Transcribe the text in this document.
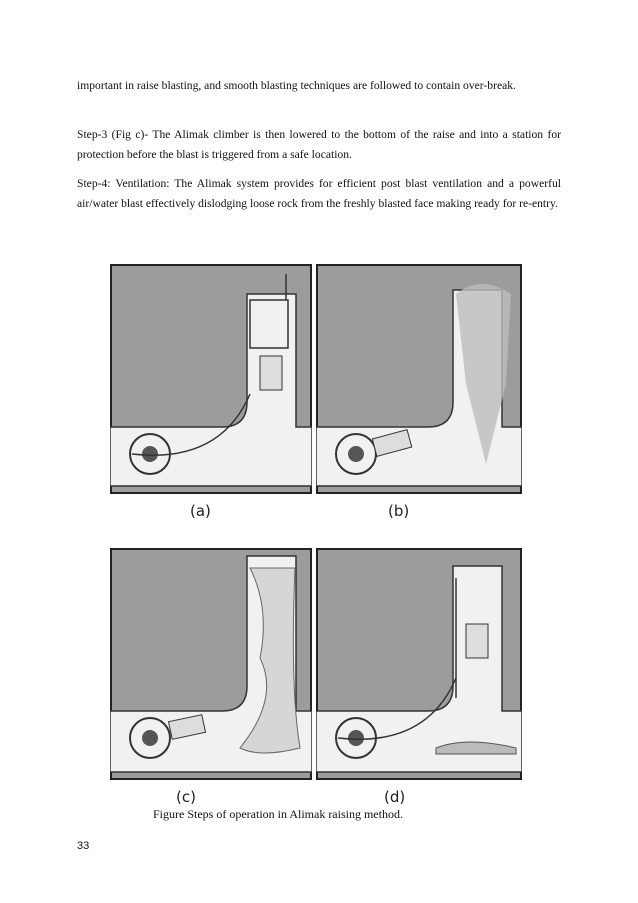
important in raise blasting, and smooth blasting techniques are followed to contain over-break.

Step-3 (Fig c)- The Alimak climber is then lowered to the bottom of the raise and into a station for protection before the blast is triggered from a safe location.

Step-4: Ventilation: The Alimak system provides for efficient post blast ventilation and a powerful air/water blast effectively dislodging loose rock from the freshly blasted face making ready for re-entry.

(a)	(b)
(c)	(d)
Figure Steps of operation in Alimak raising method.
33
